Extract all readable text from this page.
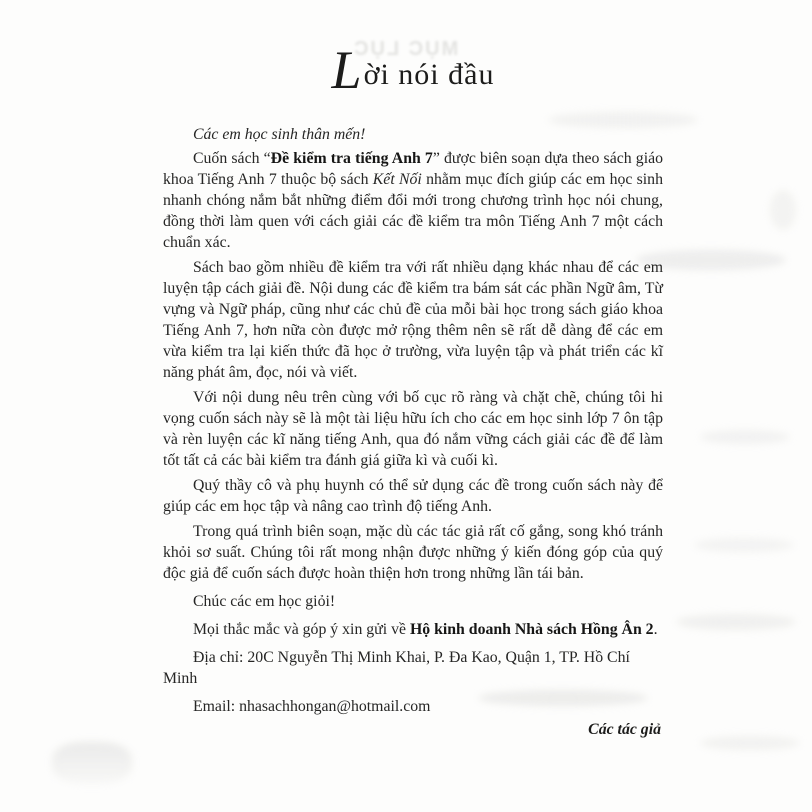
MỤC LỤC
Lời nói đầu

Các em học sinh thân mến!

Cuốn sách “Đề kiểm tra tiếng Anh 7” được biên soạn dựa theo sách giáo khoa Tiếng Anh 7 thuộc bộ sách Kết Nối nhằm mục đích giúp các em học sinh nhanh chóng nắm bắt những điểm đổi mới trong chương trình học nói chung, đồng thời làm quen với cách giải các đề kiểm tra môn Tiếng Anh 7 một cách chuẩn xác.

Sách bao gồm nhiều đề kiểm tra với rất nhiều dạng khác nhau để các em luyện tập cách giải đề. Nội dung các đề kiểm tra bám sát các phần Ngữ âm, Từ vựng và Ngữ pháp, cũng như các chủ đề của mỗi bài học trong sách giáo khoa Tiếng Anh 7, hơn nữa còn được mở rộng thêm nên sẽ rất dễ dàng để các em vừa kiểm tra lại kiến thức đã học ở trường, vừa luyện tập và phát triển các kĩ năng phát âm, đọc, nói và viết.

Với nội dung nêu trên cùng với bố cục rõ ràng và chặt chẽ, chúng tôi hi vọng cuốn sách này sẽ là một tài liệu hữu ích cho các em học sinh lớp 7 ôn tập và rèn luyện các kĩ năng tiếng Anh, qua đó nắm vững cách giải các đề để làm tốt tất cả các bài kiểm tra đánh giá giữa kì và cuối kì.

Quý thầy cô và phụ huynh có thể sử dụng các đề trong cuốn sách này để giúp các em học tập và nâng cao trình độ tiếng Anh.

Trong quá trình biên soạn, mặc dù các tác giả rất cố gắng, song khó tránh khỏi sơ suất. Chúng tôi rất mong nhận được những ý kiến đóng góp của quý độc giả để cuốn sách được hoàn thiện hơn trong những lần tái bản.

Chúc các em học giỏi!

Mọi thắc mắc và góp ý xin gửi về Hộ kinh doanh Nhà sách Hồng Ân 2.

Địa chỉ: 20C Nguyễn Thị Minh Khai, P. Đa Kao, Quận 1, TP. Hồ Chí Minh

Email: nhasachhongan@hotmail.com

Các tác giả
